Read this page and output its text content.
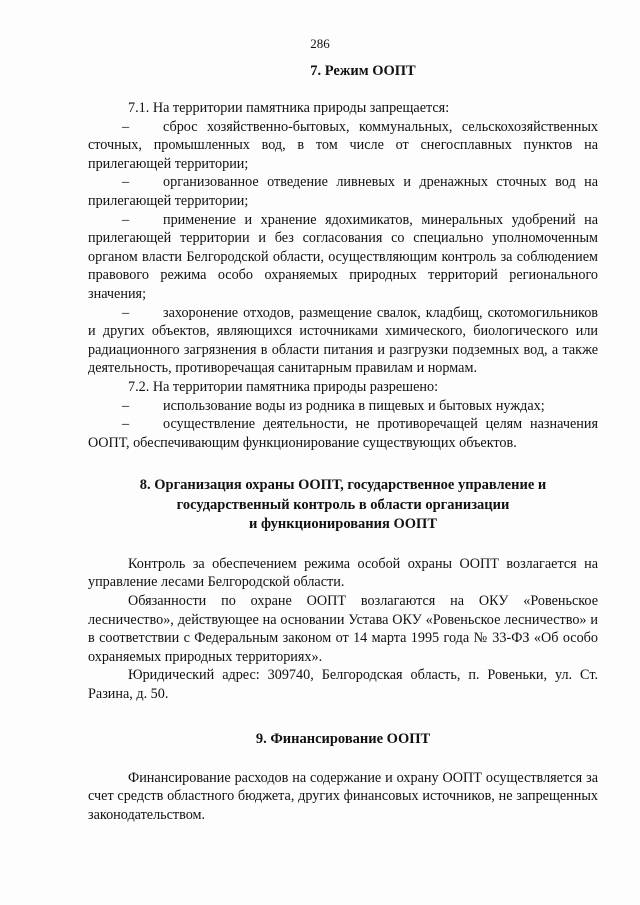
286
7. Режим ООПТ

7.1. На территории памятника природы запрещается:

– сброс хозяйственно-бытовых, коммунальных, сельскохозяйственных сточных, промышленных вод, в том числе от снегосплавных пунктов на прилегающей территории;
– организованное отведение ливневых и дренажных сточных вод на прилегающей территории;
– применение и хранение ядохимикатов, минеральных удобрений на прилегающей территории и без согласования со специально уполномоченным органом власти Белгородской области, осуществляющим контроль за соблюдением правового режима особо охраняемых природных территорий регионального значения;
– захоронение отходов, размещение свалок, кладбищ, скотомогильников и других объектов, являющихся источниками химического, биологического или радиационного загрязнения в области питания и разгрузки подземных вод, а также деятельность, противоречащая санитарным правилам и нормам.

7.2. На территории памятника природы разрешено:

– использование воды из родника в пищевых и бытовых нуждах;
– осуществление деятельности, не противоречащей целям назначения ООПТ, обеспечивающим функционирование существующих объектов.
8. Организация охраны ООПТ, государственное управление и
государственный контроль в области организации
и функционирования ООПТ

Контроль за обеспечением режима особой охраны ООПТ возлагается на управление лесами Белгородской области.

Обязанности по охране ООПТ возлагаются на ОКУ «Ровеньское лесничество», действующее на основании Устава ОКУ «Ровеньское лесничество» и в соответствии с Федеральным законом от 14 марта 1995 года № 33-ФЗ «Об особо охраняемых природных территориях».

Юридический адрес: 309740, Белгородская область, п. Ровеньки, ул. Ст. Разина, д. 50.

9. Финансирование ООПТ

Финансирование расходов на содержание и охрану ООПТ осуществляется за счет средств областного бюджета, других финансовых источников, не запрещенных законодательством.
